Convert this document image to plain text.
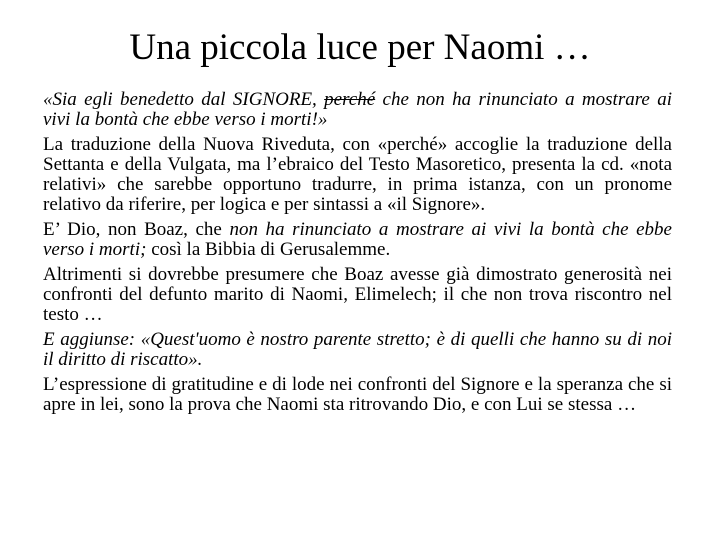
Una piccola luce per Naomi …

«Sia egli benedetto dal SIGNORE, perché che non ha rinunciato a mostrare ai vivi la bontà che ebbe verso i morti!»

La traduzione della Nuova Riveduta, con «perché» accoglie la traduzione della Settanta e della Vulgata, ma l’ebraico del Testo Masoretico, presenta la cd. «nota relativi» che sarebbe opportuno tradurre, in prima istanza, con un pronome relativo da riferire, per logica e per sintassi a «il Signore».

E’ Dio, non Boaz, che non ha rinunciato a mostrare ai vivi la bontà che ebbe verso i morti; così la Bibbia di Gerusalemme.

Altrimenti si dovrebbe presumere che Boaz avesse già dimostrato generosità nei confronti del defunto marito di Naomi, Elimelech; il che non trova riscontro nel testo …

E aggiunse: «Quest'uomo è nostro parente stretto; è di quelli che hanno su di noi il diritto di riscatto».

L’espressione di gratitudine e di lode nei confronti del Signore e la speranza che si apre in lei, sono la prova che Naomi sta ritrovando Dio, e con Lui se stessa …
